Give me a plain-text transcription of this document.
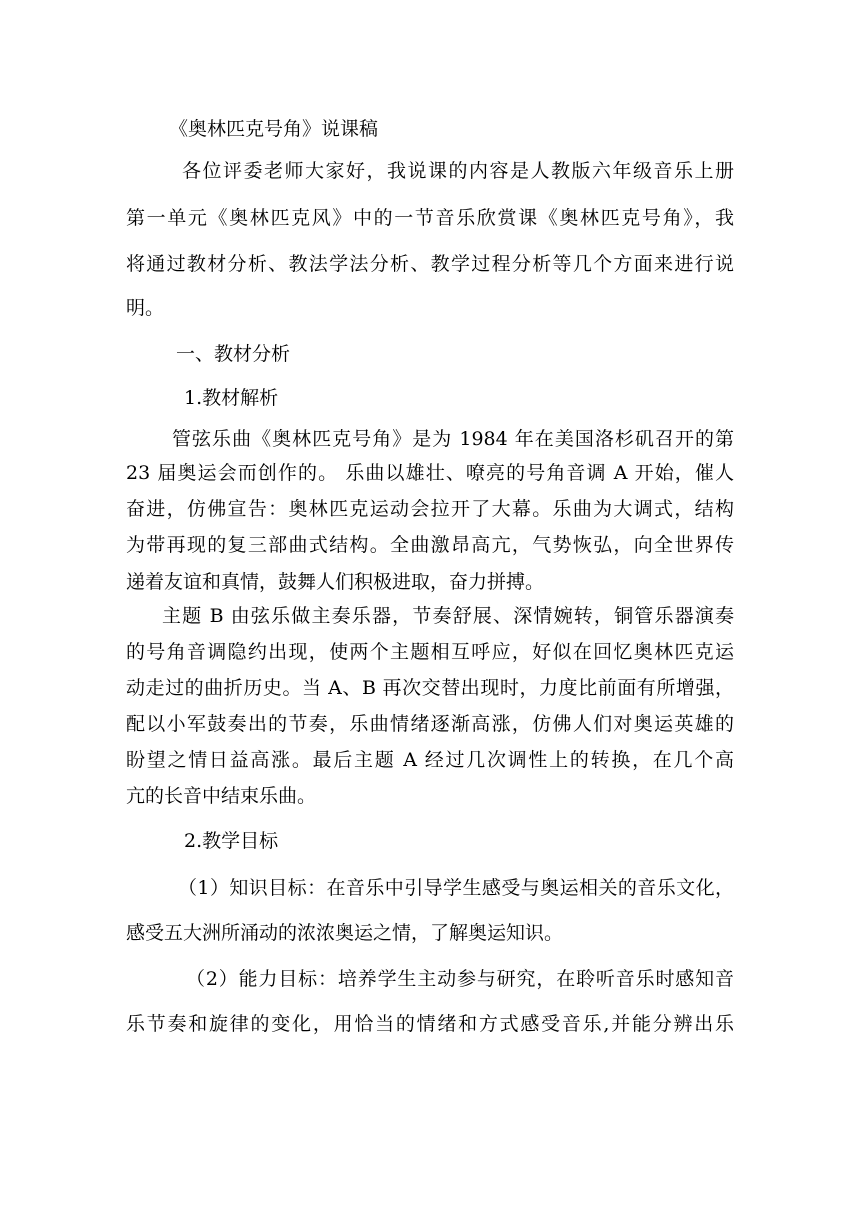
《奥林匹克号角》说课稿

各位评委老师大家好，我说课的内容是人教版六年级音乐上册

第一单元《奥林匹克风》中的一节音乐欣赏课《奥林匹克号角》，我

将通过教材分析、教法学法分析、教学过程分析等几个方面来进行说

明。

一、教材分析

1.教材解析

管弦乐曲《奥林匹克号角》是为 1984 年在美国洛杉矶召开的第

23 届奥运会而创作的。 乐曲以雄壮、嘹亮的号角音调 A 开始，催人

奋进，仿佛宣告：奥林匹克运动会拉开了大幕。乐曲为大调式，结构

为带再现的复三部曲式结构。全曲激昂高亢，气势恢弘，向全世界传

递着友谊和真情，鼓舞人们积极进取，奋力拼搏。

主题 B 由弦乐做主奏乐器，节奏舒展、深情婉转，铜管乐器演奏

的号角音调隐约出现，使两个主题相互呼应，好似在回忆奥林匹克运

动走过的曲折历史。当 A、B 再次交替出现时，力度比前面有所增强，

配以小军鼓奏出的节奏，乐曲情绪逐渐高涨，仿佛人们对奥运英雄的

盼望之情日益高涨。最后主题 A 经过几次调性上的转换，在几个高

亢的长音中结束乐曲。

2.教学目标

（1）知识目标：在音乐中引导学生感受与奥运相关的音乐文化，

感受五大洲所涌动的浓浓奥运之情，了解奥运知识。

（2）能力目标：培养学生主动参与研究，在聆听音乐时感知音

乐节奏和旋律的变化，用恰当的情绪和方式感受音乐,并能分辨出乐
